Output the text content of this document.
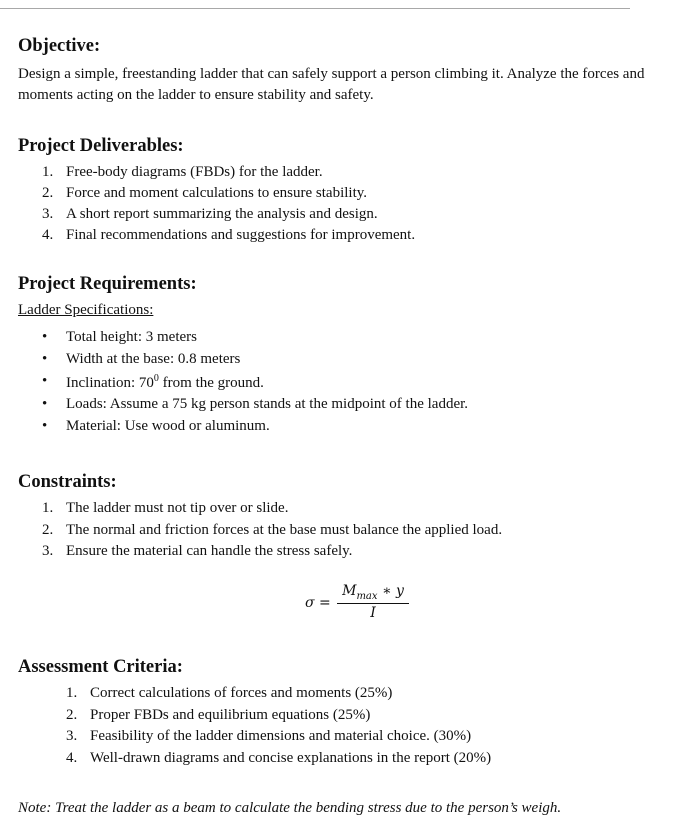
Objective:
Design a simple, freestanding ladder that can safely support a person climbing it. Analyze the forces and moments acting on the ladder to ensure stability and safety.
Project Deliverables:
1. Free-body diagrams (FBDs) for the ladder.
2. Force and moment calculations to ensure stability.
3. A short report summarizing the analysis and design.
4. Final recommendations and suggestions for improvement.
Project Requirements:
Ladder Specifications:
• Total height: 3 meters
• Width at the base: 0.8 meters
• Inclination: $70^0$ from the ground.
• Loads: Assume a 75 kg person stands at the midpoint of the ladder.
• Material: Use wood or aluminum.
Constraints:
1. The ladder must not tip over or slide.
2. The normal and friction forces at the base must balance the applied load.
3. Ensure the material can handle the stress safely.
σ =
$M_{max}$ ∗ y
I
Assessment Criteria:
1. Correct calculations of forces and moments (25%)
2. Proper FBDs and equilibrium equations (25%)
3. Feasibility of the ladder dimensions and material choice. (30%)
4. Well-drawn diagrams and concise explanations in the report (20%)
Note: Treat the ladder as a beam to calculate the bending stress due to the person’s weigh.
